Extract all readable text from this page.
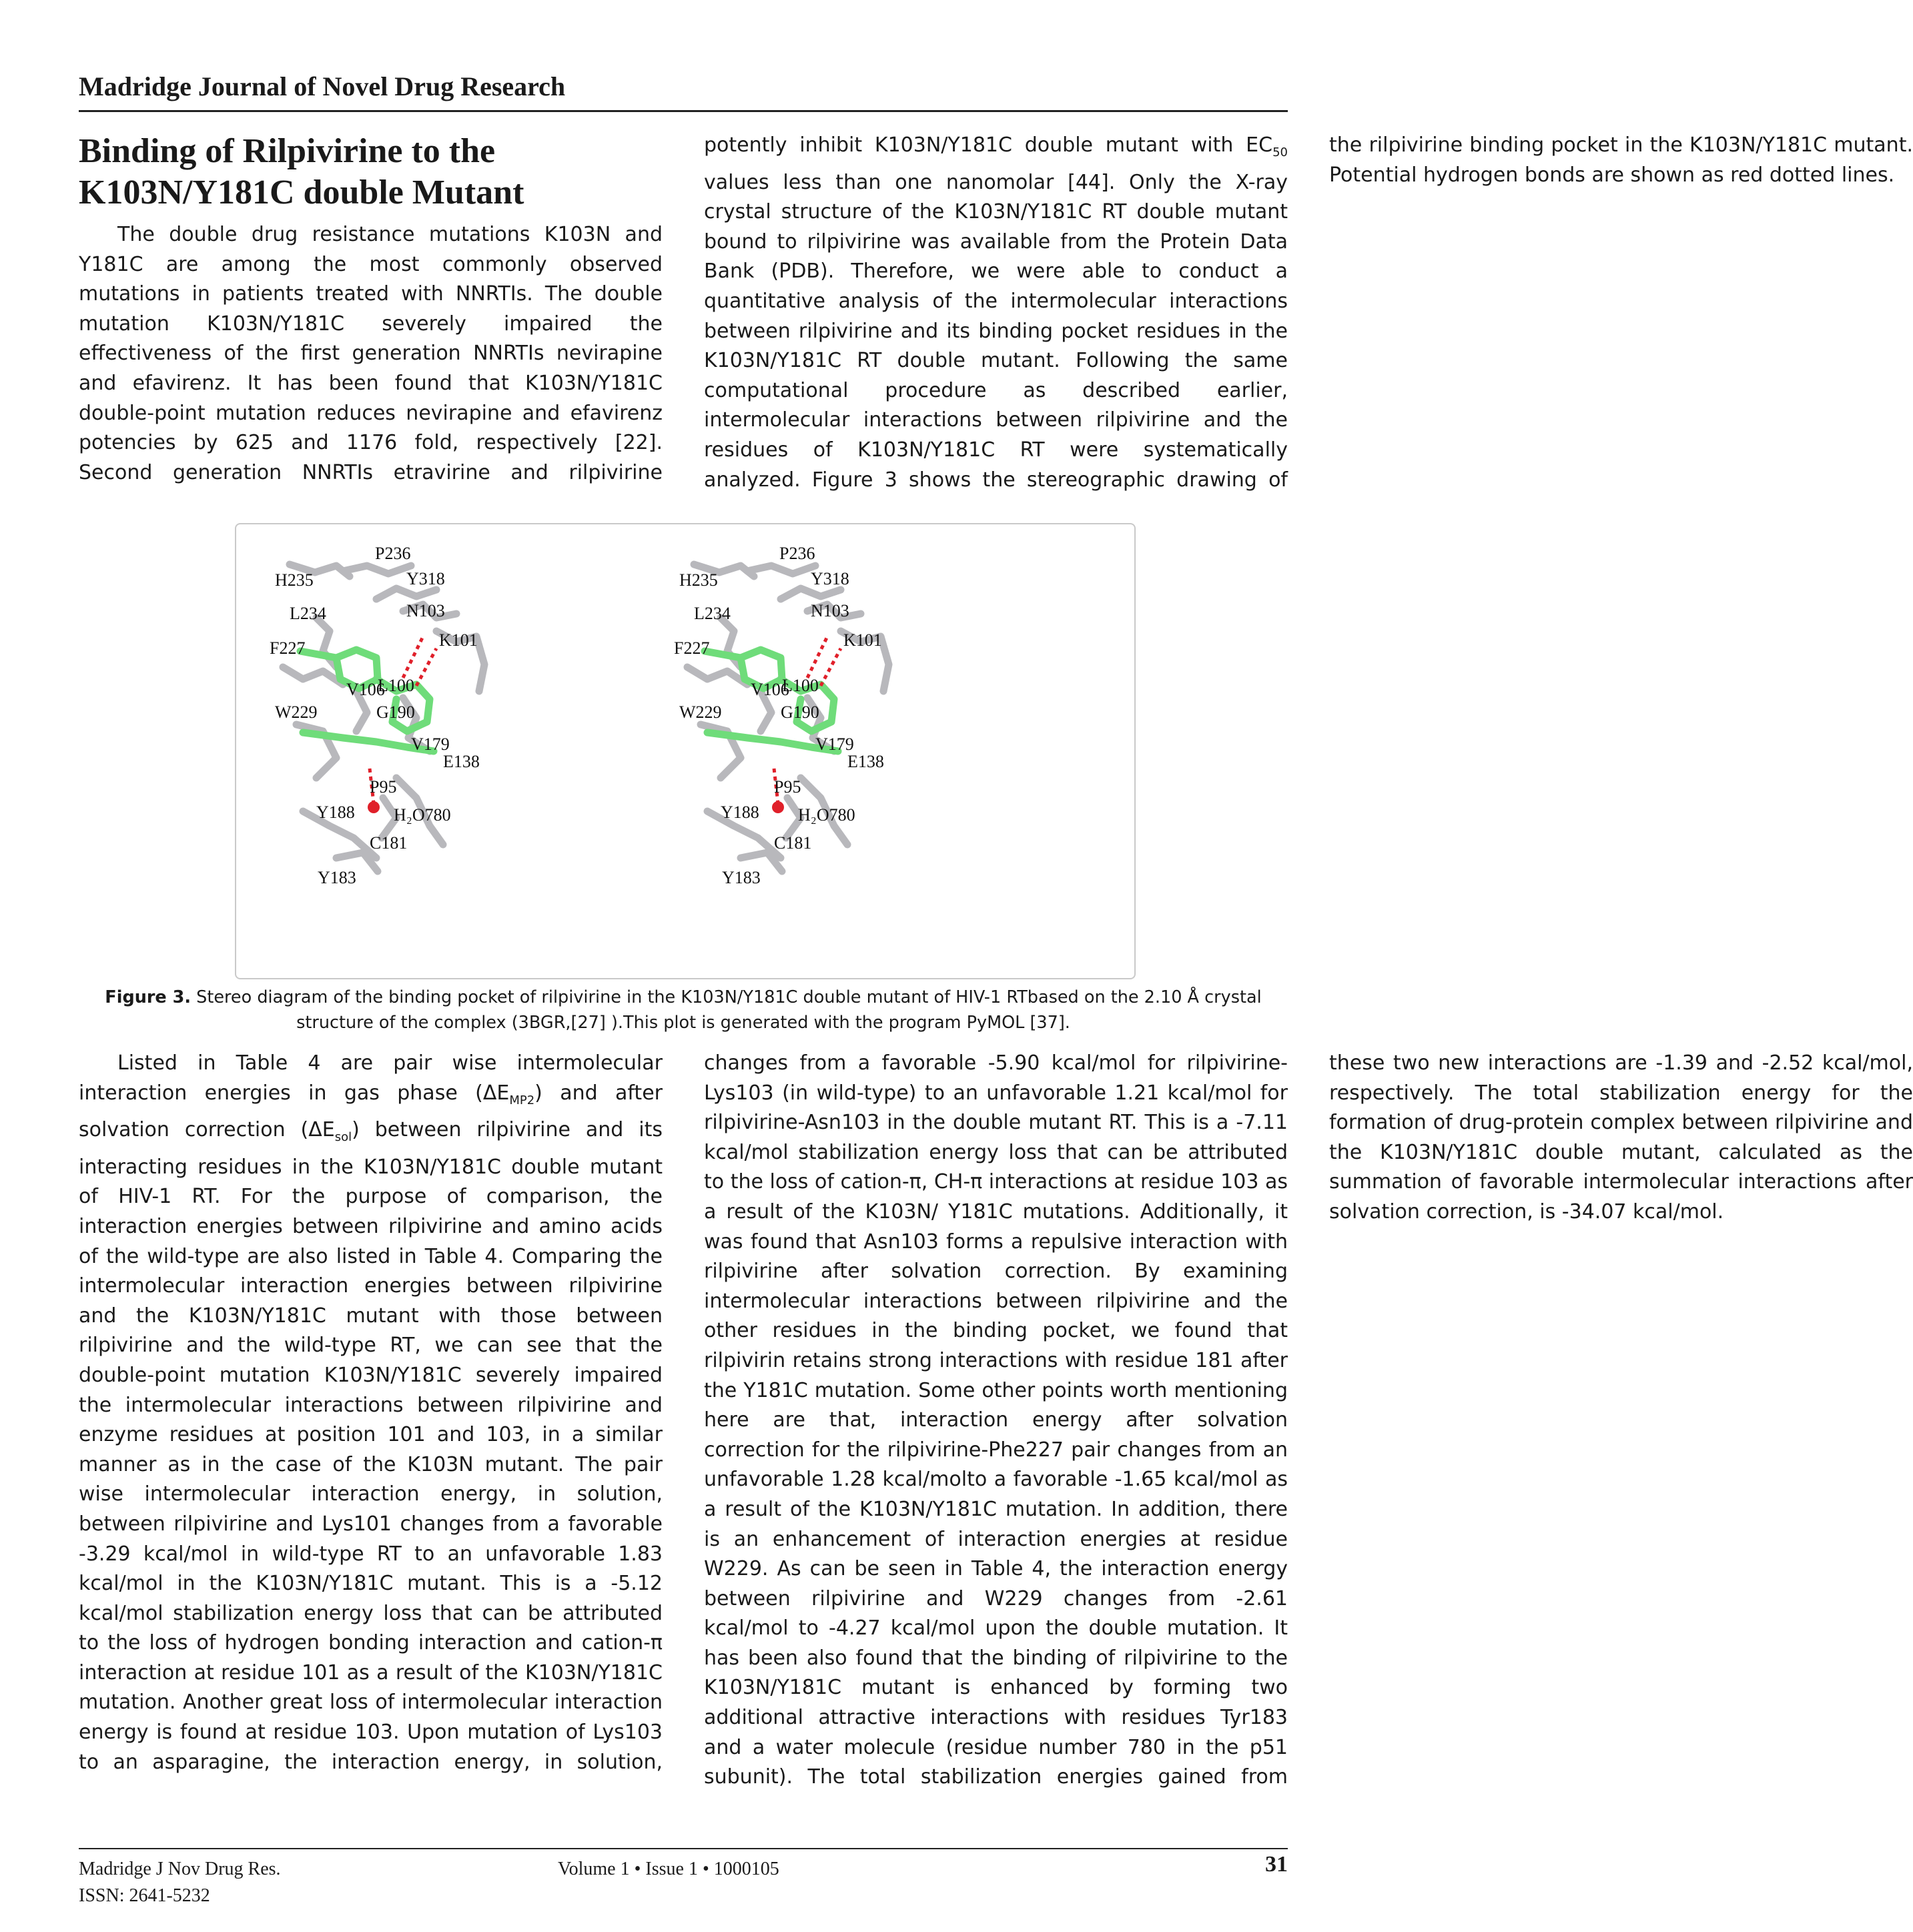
Madridge Journal of Novel Drug Research
Binding of Rilpivirine to the K103N/Y181C double Mutant

The double drug resistance mutations K103N and Y181C are among the most commonly observed mutations in patients treated with NNRTIs. The double mutation K103N/Y181C severely impaired the effectiveness of the first generation NNRTIs nevirapine and efavirenz. It has been found that K103N/Y181C double-point mutation reduces nevirapine and efavirenz potencies by 625 and 1176 fold, respectively [22]. Second generation NNRTIs etravirine and rilpivirine potently inhibit K103N/Y181C double mutant with $EC_{50}$ values less than one nanomolar [44]. Only the X-ray crystal structure of the K103N/Y181C RT double mutant bound to rilpivirine was available from the Protein Data Bank (PDB). Therefore, we were able to conduct a quantitative analysis of the intermolecular interactions between rilpivirine and its binding pocket residues in the K103N/Y181C RT double mutant. Following the same computational procedure as described earlier, intermolecular interactions between rilpivirine and the residues of K103N/Y181C RT were systematically analyzed. Figure 3 shows the stereographic drawing of the rilpivirine binding pocket in the K103N/Y181C mutant. Potential hydrogen bonds are shown as red dotted lines.

P236
H235	Y318
N103
L234
K101
F227
V106
L100
G190
W229
V179
E138
P95
Y188 H₂O780
C181
Y183
P236
H235	Y318
N103
L234
K101
F227
V106
L100
G190
W229
V179
E138
P95
Y188 H₂O780
C181
Y183
Figure 3. Stereo diagram of the binding pocket of rilpivirine in the K103N/Y181C double mutant of HIV-1 RTbased on the 2.10 Å crystal structure of the complex (3BGR,[27] ).This plot is generated with the program PyMOL [37].

Listed in Table 4 are pair wise intermolecular interaction energies in gas phase $(\Delta E_{MP2})$ and after solvation correction $(\Delta E_{sol})$ between rilpivirine and its interacting residues in the K103N/Y181C double mutant of HIV-1 RT. For the purpose of comparison, the interaction energies between rilpivirine and amino acids of the wild-type are also listed in Table 4. Comparing the intermolecular interaction energies between rilpivirine and the K103N/Y181C mutant with those between rilpivirine and the wild-type RT, we can see that the double-point mutation K103N/Y181C severely impaired the intermolecular interactions between rilpivirine and enzyme residues at position 101 and 103, in a similar manner as in the case of the K103N mutant. The pair wise intermolecular interaction energy, in solution, between rilpivirine and Lys101 changes from a favorable -3.29 kcal/mol in wild-type RT to an unfavorable 1.83 kcal/mol in the K103N/Y181C mutant. This is a -5.12 kcal/mol stabilization energy loss that can be attributed to the loss of hydrogen bonding interaction and cation-π interaction at residue 101 as a result of the K103N/Y181C mutation. Another great loss of intermolecular interaction energy is found at residue 103. Upon mutation of Lys103 to an asparagine, the interaction energy, in solution, changes from a favorable -5.90 kcal/mol for rilpivirine-Lys103 (in wild-type) to an unfavorable 1.21 kcal/mol for rilpivirine-Asn103 in the double mutant RT. This is a -7.11 kcal/mol stabilization energy loss that can be attributed to the loss of cation-π, CH-π interactions at residue 103 as a result of the K103N/ Y181C mutations. Additionally, it was found that Asn103 forms a repulsive interaction with rilpivirine after solvation correction. By examining intermolecular interactions between rilpivirine and the other residues in the binding pocket, we found that rilpivirin retains strong interactions with residue 181 after the Y181C mutation. Some other points worth mentioning here are that, interaction energy after solvation correction for the rilpivirine-Phe227 pair changes from an unfavorable 1.28 kcal/molto a favorable -1.65 kcal/mol as a result of the K103N/Y181C mutation. In addition, there is an enhancement of interaction energies at residue W229. As can be seen in Table 4, the interaction energy between rilpivirine and W229 changes from -2.61 kcal/mol to -4.27 kcal/mol upon the double mutation. It has been also found that the binding of rilpivirine to the K103N/Y181C mutant is enhanced by forming two additional attractive interactions with residues Tyr183 and a water molecule (residue number 780 in the p51 subunit). The total stabilization energies gained from these two new interactions are -1.39 and -2.52 kcal/mol, respectively. The total stabilization energy for the formation of drug-protein complex between rilpivirine and the K103N/Y181C double mutant, calculated as the summation of favorable intermolecular interactions after solvation correction, is -34.07 kcal/mol.

Madridge J Nov Drug Res.
ISSN: 2641-5232
Volume 1 • Issue 1 • 1000105	31
